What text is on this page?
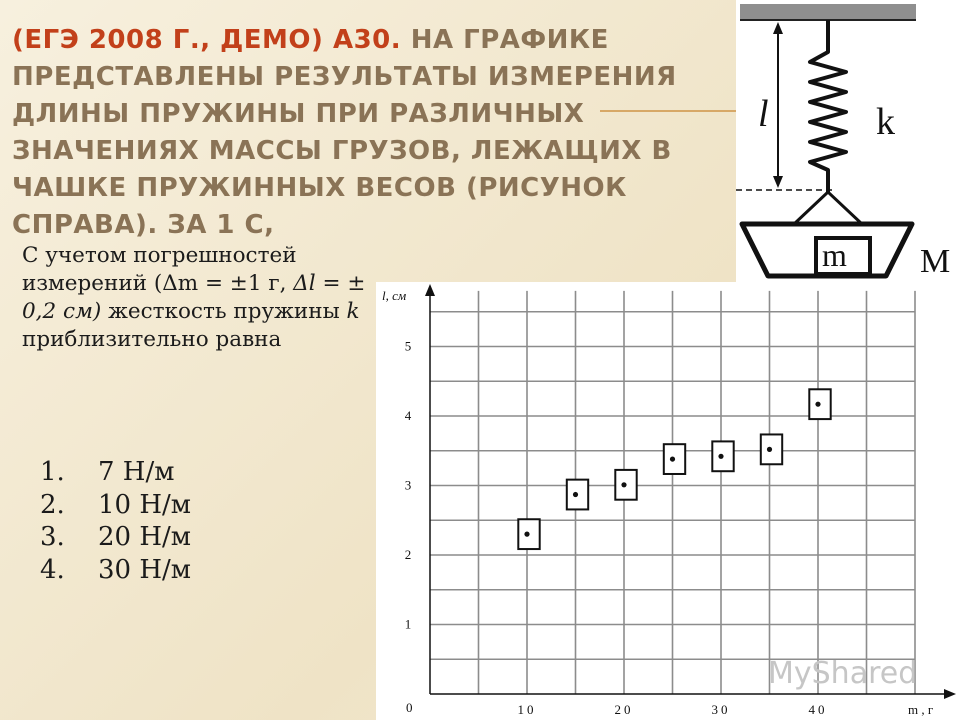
(ЕГЭ 2008 Г., ДЕМО) А30. НА ГРАФИКЕ ПРЕДСТАВЛЕНЫ РЕЗУЛЬТАТЫ ИЗМЕРЕНИЯ ДЛИНЫ ПРУЖИНЫ ПРИ РАЗЛИЧНЫХ ЗНАЧЕНИЯХ МАССЫ ГРУЗОВ, ЛЕЖАЩИХ В ЧАШКЕ ПРУЖИННЫХ ВЕСОВ (РИСУНОК СПРАВА). ЗА 1 С,

С учетом погрешностей измерений (Δm = ±1 г, Δl = ± 0,2 см) жесткость пружины k приблизительно равна

1.	7 Н/м
2.	10 Н/м
3.	20 Н/м
4.	30 Н/м
l	k
m M
l, см
m , г
0	10	20	30	40
1
2
3
4
5
MyShared
